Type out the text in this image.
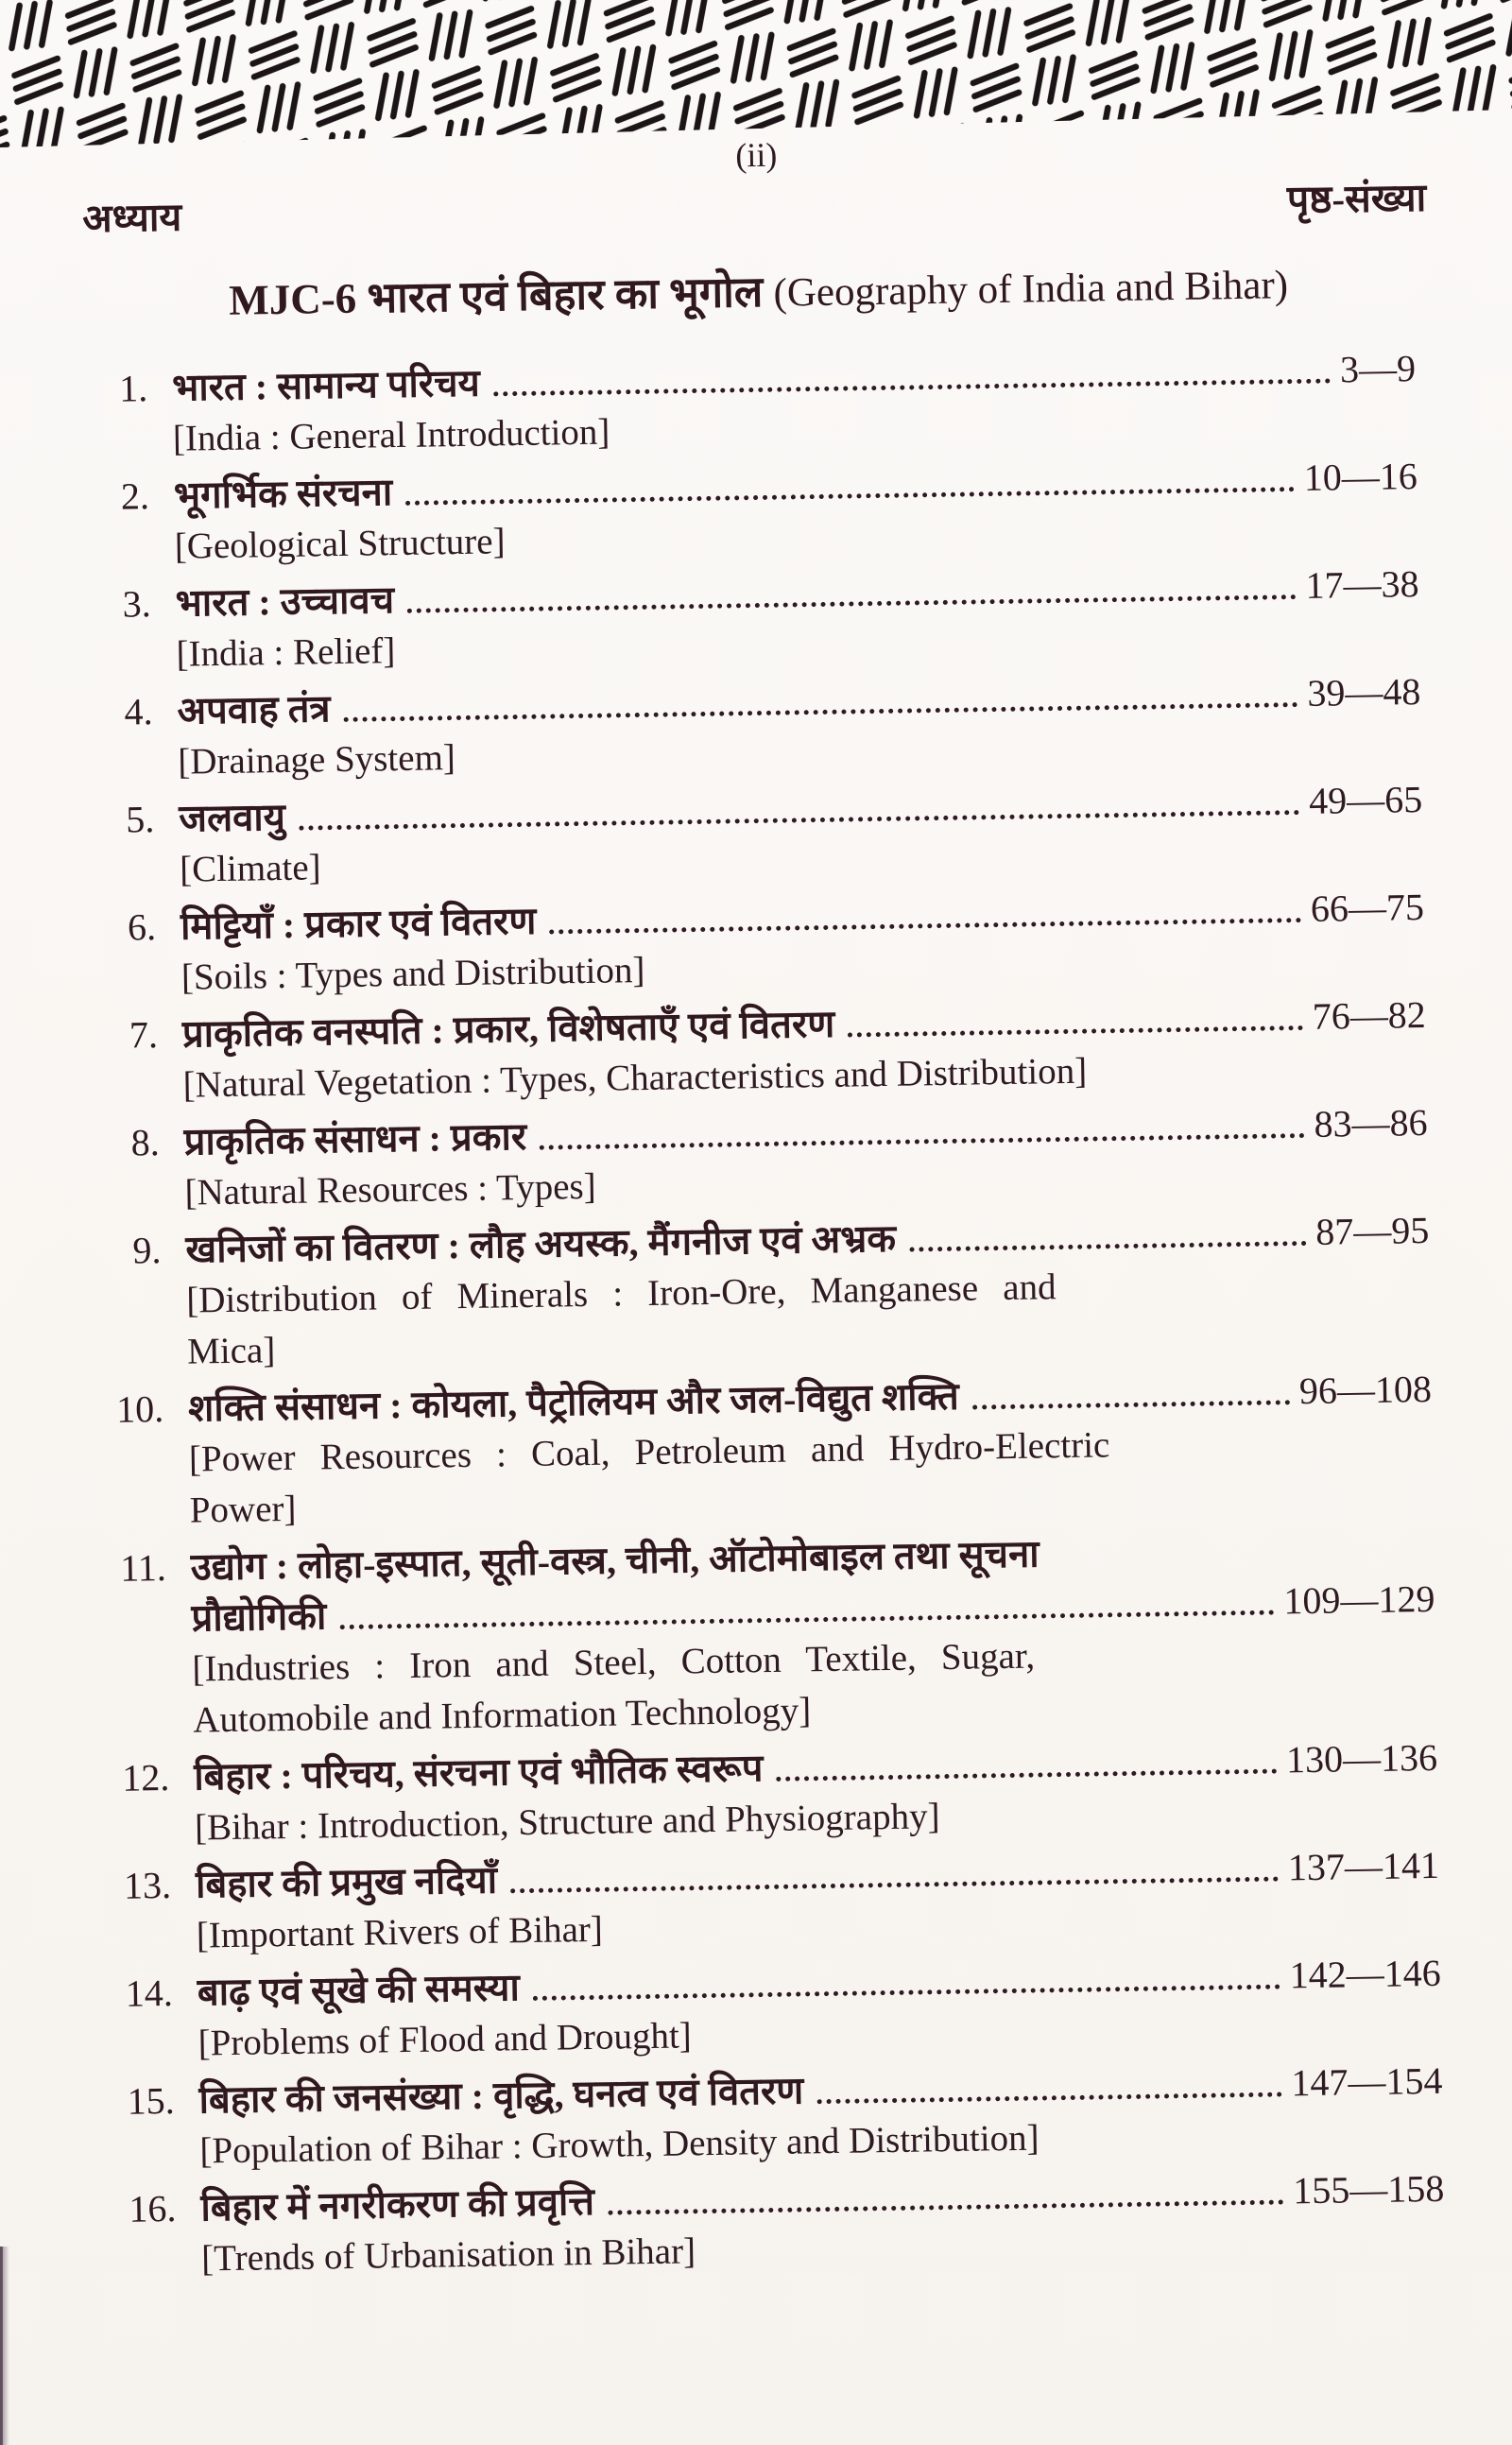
(ii)
अध्याय	पृष्ठ-संख्या
MJC-6 भारत एवं बिहार का भूगोल (Geography of India and Bihar)
1. भारत : सामान्य परिचय	3—9
[India : General Introduction]
2. भूगर्भिक संरचना	10—16
[Geological Structure]
3. भारत : उच्चावच	17—38
[India : Relief]
4. अपवाह तंत्र	39—48
[Drainage System]
5. जलवायु	49—65
[Climate]
6. मिट्टियाँ : प्रकार एवं वितरण	66—75
[Soils : Types and Distribution]
7. प्राकृतिक वनस्पति : प्रकार, विशेषताएँ एवं वितरण	76—82
[Natural Vegetation : Types, Characteristics and Distribution]
8. प्राकृतिक संसाधन : प्रकार	83—86
[Natural Resources : Types]
9. खनिजों का वितरण : लौह अयस्क, मैंगनीज एवं अभ्रक	87—95
[Distribution of Minerals : Iron-Ore, Manganese and
Mica]
10. शक्ति संसाधन : कोयला, पैट्रोलियम और जल-विद्युत शक्ति	96—108
[Power Resources : Coal, Petroleum and Hydro-Electric
Power]
11. उद्योग : लोहा-इस्पात, सूती-वस्त्र, चीनी, ऑटोमोबाइल तथा सूचना
प्रौद्योगिकी	109—129
[Industries : Iron and Steel, Cotton Textile, Sugar,
Automobile and Information Technology]
12. बिहार : परिचय, संरचना एवं भौतिक स्वरूप	130—136
[Bihar : Introduction, Structure and Physiography]
13. बिहार की प्रमुख नदियाँ	137—141
[Important Rivers of Bihar]
14. बाढ़ एवं सूखे की समस्या	142—146
[Problems of Flood and Drought]
15. बिहार की जनसंख्या : वृद्धि, घनत्व एवं वितरण	147—154
[Population of Bihar : Growth, Density and Distribution]
16. बिहार में नगरीकरण की प्रवृत्ति	155—158
[Trends of Urbanisation in Bihar]
